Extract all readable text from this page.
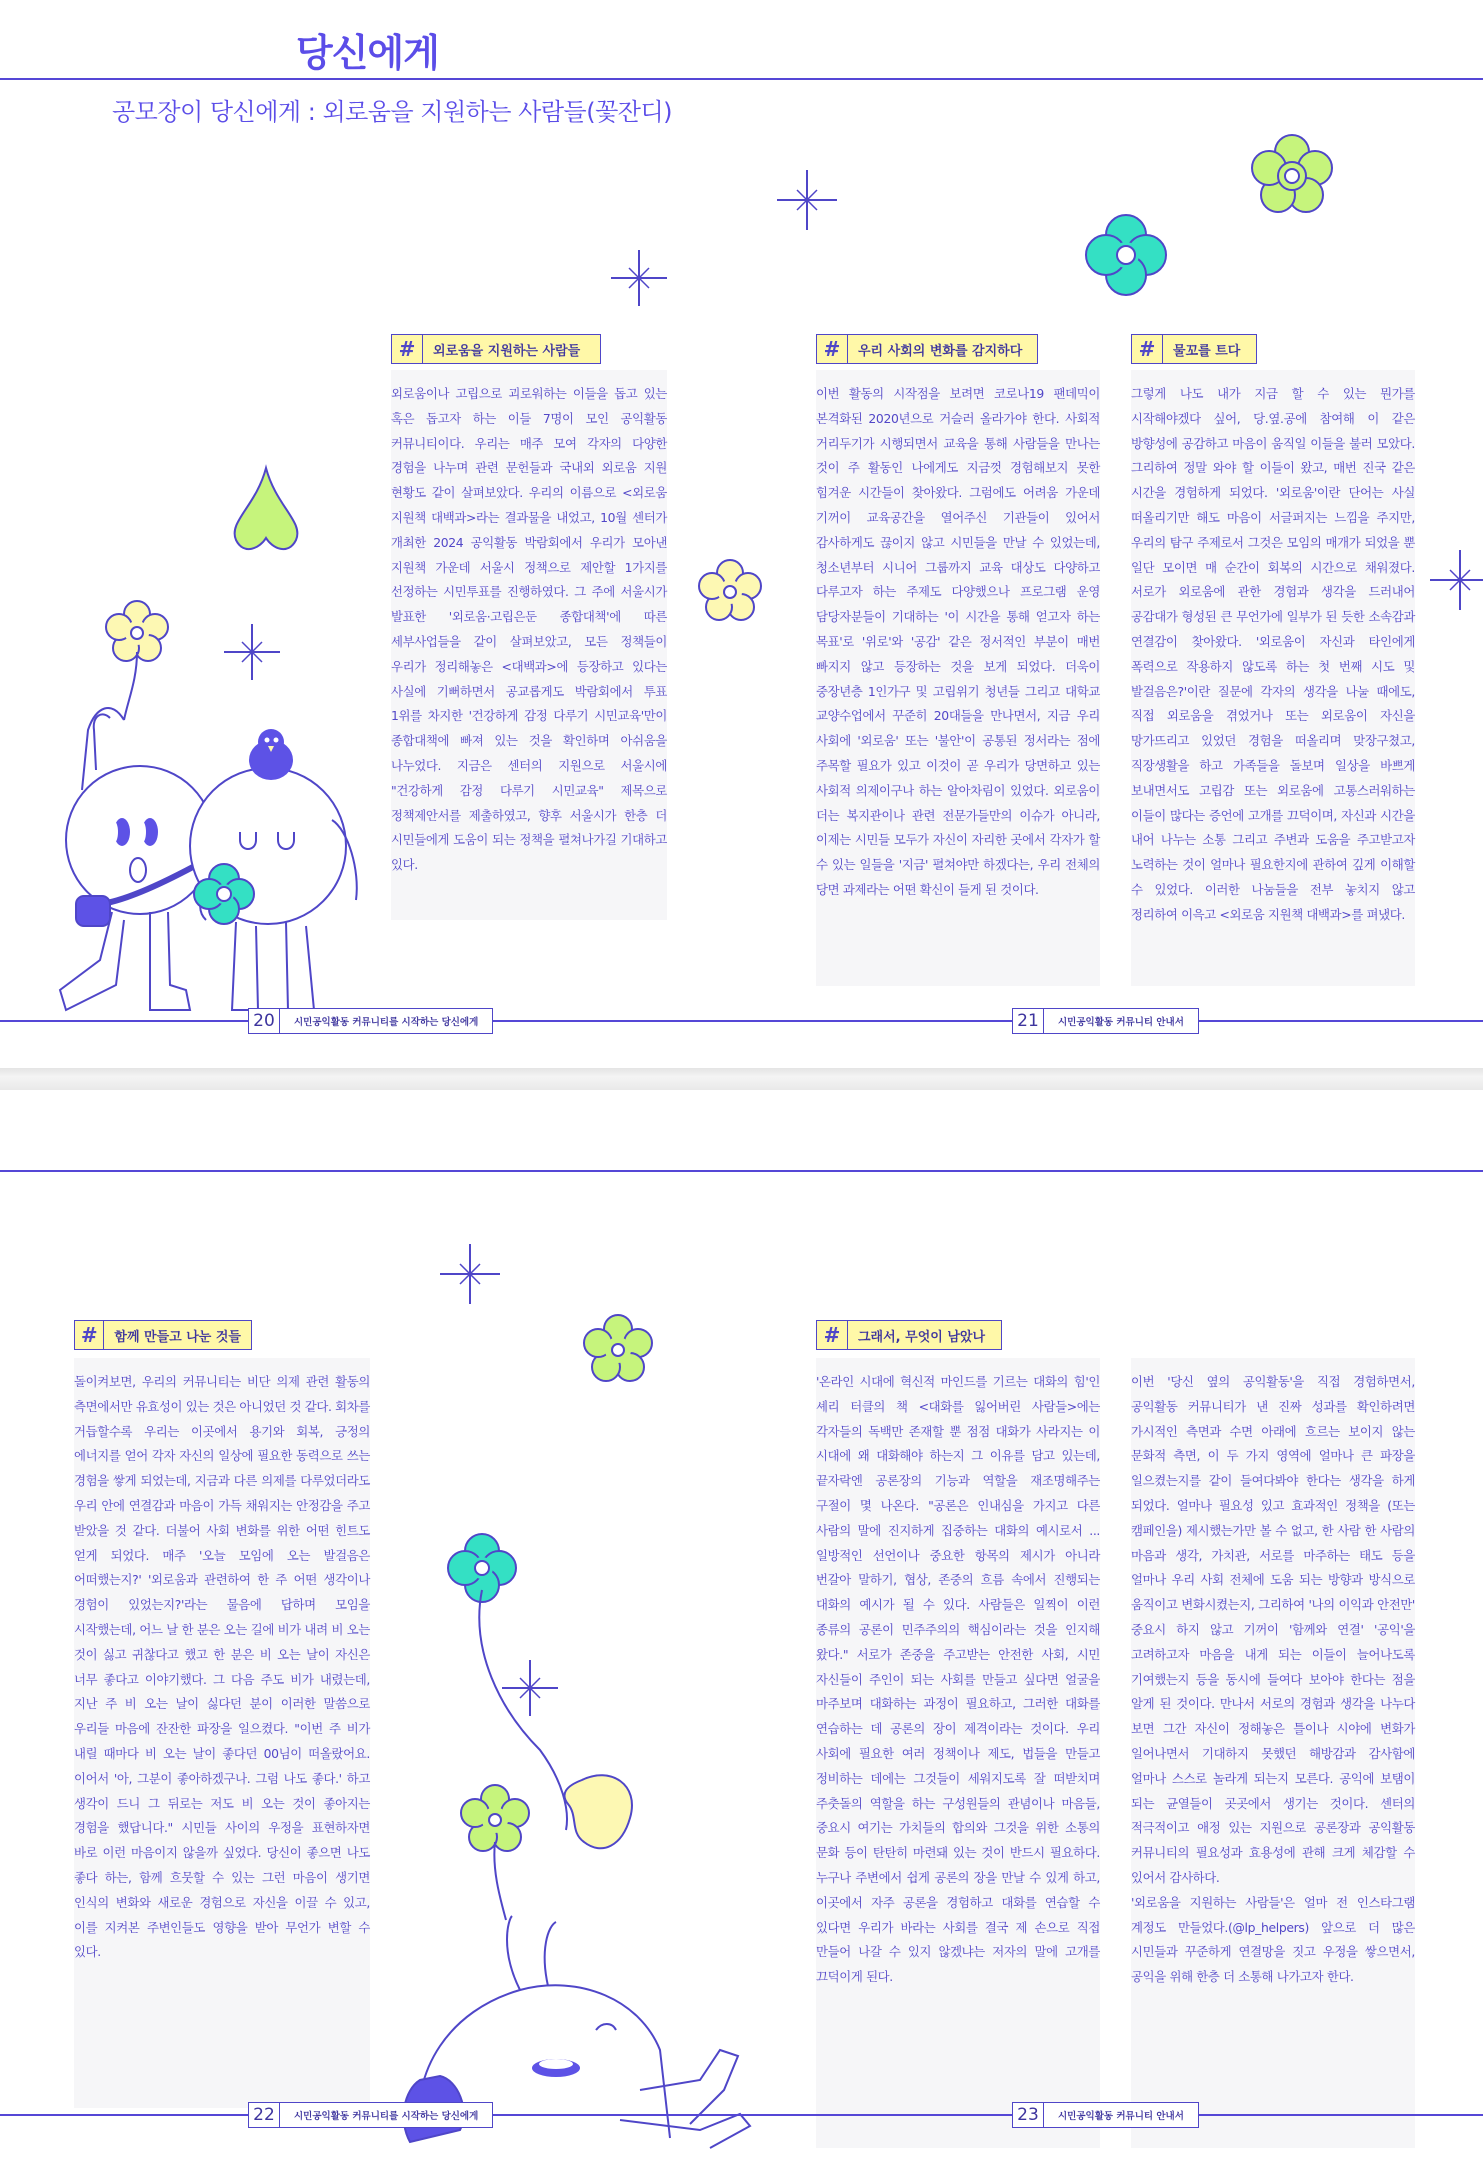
당신에게
공모장이 당신에게 : 외로움을 지원하는 사람들(꽃잔디)
#	외로움을 지원하는 사람들

외로움이나 고립으로 괴로워하는 이들을 돕고 있는 혹은 돕고자 하는 이들 7명이 모인 공익활동 커뮤니티이다. 우리는 매주 모여 각자의 다양한 경험을 나누며 관련 문헌들과 국내외 외로움 지원 현황도 같이 살펴보았다. 우리의 이름으로 <외로움 지원책 대백과>라는 결과물을 내었고, 10월 센터가 개최한 2024 공익활동 박람회에서 우리가 모아낸 지원책 가운데 서울시 정책으로 제안할 1가지를 선정하는 시민투표를 진행하였다. 그 주에 서울시가 발표한 '외로움·고립은둔 종합대책'에 따른 세부사업들을 같이 살펴보았고, 모든 정책들이 우리가 정리해놓은 <대백과>에 등장하고 있다는 사실에 기뻐하면서 공교롭게도 박람회에서 투표 1위를 차지한 '건강하게 감정 다루기 시민교육'만이 종합대책에 빠져 있는 것을 확인하며 아쉬움을 나누었다. 지금은 센터의 지원으로 서울시에 "건강하게 감정 다루기 시민교육" 제목으로 정책제안서를 제출하였고, 향후 서울시가 한층 더 시민들에게 도움이 되는 정책을 펼쳐나가길 기대하고 있다.

#	우리 사회의 변화를 감지하다

이번 활동의 시작점을 보려면 코로나19 팬데믹이 본격화된 2020년으로 거슬러 올라가야 한다. 사회적 거리두기가 시행되면서 교육을 통해 사람들을 만나는 것이 주 활동인 나에게도 지금껏 경험해보지 못한 힘겨운 시간들이 찾아왔다. 그럼에도 어려움 가운데 기꺼이 교육공간을 열어주신 기관들이 있어서 감사하게도 끊이지 않고 시민들을 만날 수 있었는데, 청소년부터 시니어 그룹까지 교육 대상도 다양하고 다루고자 하는 주제도 다양했으나 프로그램 운영 담당자분들이 기대하는 '이 시간을 통해 얻고자 하는 목표'로 '위로'와 '공감' 같은 정서적인 부분이 매번 빠지지 않고 등장하는 것을 보게 되었다. 더욱이 중장년층 1인가구 및 고립위기 청년들 그리고 대학교 교양수업에서 꾸준히 20대들을 만나면서, 지금 우리 사회에 '외로움' 또는 '불안'이 공통된 정서라는 점에 주목할 필요가 있고 이것이 곧 우리가 당면하고 있는 사회적 의제이구나 하는 알아차림이 있었다. 외로움이 더는 복지관이나 관련 전문가들만의 이슈가 아니라, 이제는 시민들 모두가 자신이 자리한 곳에서 각자가 할 수 있는 일들을 '지금' 펼쳐야만 하겠다는, 우리 전체의 당면 과제라는 어떤 확신이 들게 된 것이다.

#	물꼬를 트다

그렇게 나도 내가 지금 할 수 있는 뭔가를 시작해야겠다 싶어, 당.옆.공에 참여해 이 같은 방향성에 공감하고 마음이 움직일 이들을 불러 모았다. 그리하여 정말 와야 할 이들이 왔고, 매번 진국 같은 시간을 경험하게 되었다. '외로움'이란 단어는 사실 떠올리기만 해도 마음이 서글퍼지는 느낌을 주지만, 우리의 탐구 주제로서 그것은 모임의 매개가 되었을 뿐 일단 모이면 매 순간이 회복의 시간으로 채워졌다. 서로가 외로움에 관한 경험과 생각을 드러내어 공감대가 형성된 큰 무언가에 일부가 된 듯한 소속감과 연결감이 찾아왔다. '외로움이 자신과 타인에게 폭력으로 작용하지 않도록 하는 첫 번째 시도 및 발걸음은?'이란 질문에 각자의 생각을 나눌 때에도, 직접 외로움을 겪었거나 또는 외로움이 자신을 망가뜨리고 있었던 경험을 떠올리며 맞장구쳤고, 직장생활을 하고 가족들을 돌보며 일상을 바쁘게 보내면서도 고립감 또는 외로움에 고통스러워하는 이들이 많다는 증언에 고개를 끄덕이며, 자신과 시간을 내어 나누는 소통 그리고 주변과 도움을 주고받고자 노력하는 것이 얼마나 필요한지에 관하여 깊게 이해할 수 있었다. 이러한 나눔들을 전부 놓치지 않고 정리하여 이윽고 <외로움 지원책 대백과>를 펴냈다.

20	시민공익활동 커뮤니티를 시작하는 당신에게	21	시민공익활동 커뮤니티 안내서
#	함께 만들고 나눈 것들

돌이켜보면, 우리의 커뮤니티는 비단 의제 관련 활동의 측면에서만 유효성이 있는 것은 아니었던 것 같다. 회차를 거듭할수록 우리는 이곳에서 용기와 회복, 긍정의 에너지를 얻어 각자 자신의 일상에 필요한 동력으로 쓰는 경험을 쌓게 되었는데, 지금과 다른 의제를 다루었더라도 우리 안에 연결감과 마음이 가득 채워지는 안정감을 주고 받았을 것 같다. 더불어 사회 변화를 위한 어떤 힌트도 얻게 되었다. 매주 '오늘 모임에 오는 발걸음은 어떠했는지?' '외로움과 관련하여 한 주 어떤 생각이나 경험이 있었는지?'라는 물음에 답하며 모임을 시작했는데, 어느 날 한 분은 오는 길에 비가 내려 비 오는 것이 싫고 귀찮다고 했고 한 분은 비 오는 날이 자신은 너무 좋다고 이야기했다. 그 다음 주도 비가 내렸는데, 지난 주 비 오는 날이 싫다던 분이 이러한 말씀으로 우리들 마음에 잔잔한 파장을 일으켰다. "이번 주 비가 내릴 때마다 비 오는 날이 좋다던 00님이 떠올랐어요. 이어서 '아, 그분이 좋아하겠구나. 그럼 나도 좋다.' 하고 생각이 드니 그 뒤로는 저도 비 오는 것이 좋아지는 경험을 했답니다." 시민들 사이의 우정을 표현하자면 바로 이런 마음이지 않을까 싶었다. 당신이 좋으면 나도 좋다 하는, 함께 흐뭇할 수 있는 그런 마음이 생기면 인식의 변화와 새로운 경험으로 자신을 이끌 수 있고, 이를 지켜본 주변인들도 영향을 받아 무언가 변할 수 있다.

#	그래서, 무엇이 남았나

'온라인 시대에 혁신적 마인드를 기르는 대화의 힘'인 셰리 터클의 책 <대화를 잃어버린 사람들>에는 각자들의 독백만 존재할 뿐 점점 대화가 사라지는 이 시대에 왜 대화해야 하는지 그 이유를 담고 있는데, 끝자락엔 공론장의 기능과 역할을 재조명해주는 구절이 몇 나온다. "공론은 인내심을 가지고 다른 사람의 말에 진지하게 집중하는 대화의 예시로서 ... 일방적인 선언이나 중요한 항목의 제시가 아니라 번갈아 말하기, 협상, 존중의 흐름 속에서 진행되는 대화의 예시가 될 수 있다. 사람들은 일찍이 이런 종류의 공론이 민주주의의 핵심이라는 것을 인지해 왔다." 서로가 존중을 주고받는 안전한 사회, 시민 자신들이 주인이 되는 사회를 만들고 싶다면 얼굴을 마주보며 대화하는 과정이 필요하고, 그러한 대화를 연습하는 데 공론의 장이 제격이라는 것이다. 우리 사회에 필요한 여러 정책이나 제도, 법들을 만들고 정비하는 데에는 그것들이 세워지도록 잘 떠받치며 주춧돌의 역할을 하는 구성원들의 관념이나 마음들, 중요시 여기는 가치들의 합의와 그것을 위한 소통의 문화 등이 탄탄히 마련돼 있는 것이 반드시 필요하다. 누구나 주변에서 쉽게 공론의 장을 만날 수 있게 하고, 이곳에서 자주 공론을 경험하고 대화를 연습할 수 있다면 우리가 바라는 사회를 결국 제 손으로 직접 만들어 나갈 수 있지 않겠냐는 저자의 말에 고개를 끄덕이게 된다.

이번 '당신 옆의 공익활동'을 직접 경험하면서, 공익활동 커뮤니티가 낸 진짜 성과를 확인하려면 가시적인 측면과 수면 아래에 흐르는 보이지 않는 문화적 측면, 이 두 가지 영역에 얼마나 큰 파장을 일으켰는지를 같이 들여다봐야 한다는 생각을 하게 되었다. 얼마나 필요성 있고 효과적인 정책을 (또는 캠페인을) 제시했는가만 볼 수 없고, 한 사람 한 사람의 마음과 생각, 가치관, 서로를 마주하는 태도 등을 얼마나 우리 사회 전체에 도움 되는 방향과 방식으로 움직이고 변화시켰는지, 그리하여 '나의 이익과 안전만' 중요시 하지 않고 기꺼이 '함께와 연결' '공익'을 고려하고자 마음을 내게 되는 이들이 늘어나도록 기여했는지 등을 동시에 들여다 보아야 한다는 점을 알게 된 것이다. 만나서 서로의 경험과 생각을 나누다 보면 그간 자신이 정해놓은 틀이나 시야에 변화가 일어나면서 기대하지 못했던 해방감과 감사함에 얼마나 스스로 놀라게 되는지 모른다. 공익에 보탬이 되는 균열들이 곳곳에서 생기는 것이다. 센터의 적극적이고 애정 있는 지원으로 공론장과 공익활동 커뮤니티의 필요성과 효용성에 관해 크게 체감할 수 있어서 감사하다.

'외로움을 지원하는 사람들'은 얼마 전 인스타그램 계정도 만들었다.(@lp_helpers) 앞으로 더 많은 시민들과 꾸준하게 연결망을 짓고 우정을 쌓으면서, 공익을 위해 한층 더 소통해 나가고자 한다.

22	시민공익활동 커뮤니티를 시작하는 당신에게	23	시민공익활동 커뮤니티 안내서
